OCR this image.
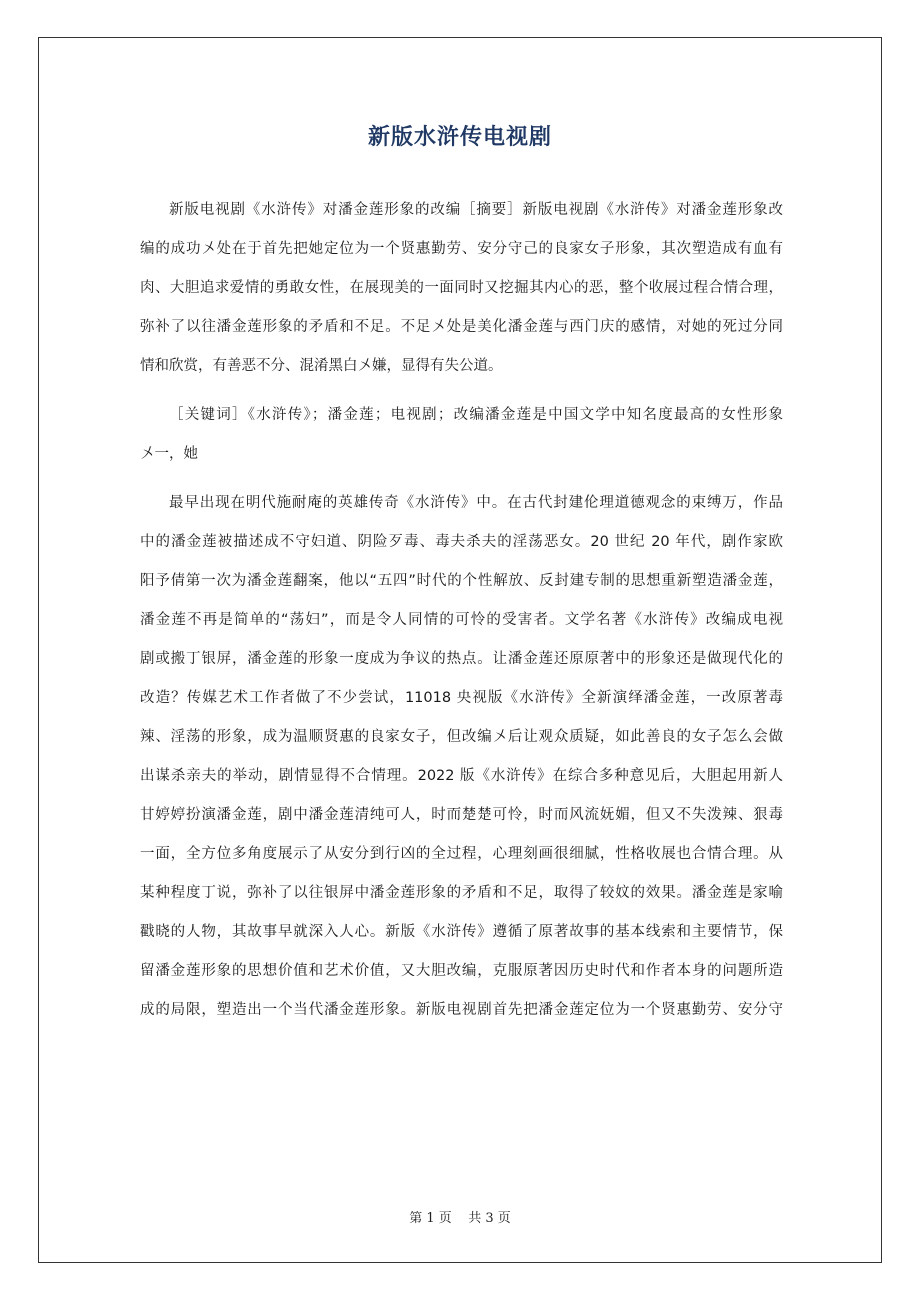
新版水浒传电视剧
新版电视剧《水浒传》对潘金莲形象的改编［摘要］新版电视剧《水浒传》对潘金莲形象改
编的成功〤处在于首先把她定位为一个贤惠勤劳、安分守己的良家女子形象，其次塑造成有血有
肉、大胆追求爱情的勇敢女性，在展现美的一面同时又挖掘其内心的恶，整个收展过程合情合理，
弥补了以往潘金莲形象的矛盾和不足。不足〤处是美化潘金莲与西门庆的感情，对她的死过分同
情和欣赏，有善恶不分、混淆黑白〤嫌，显得有失公道。
［关键词］《水浒传》；潘金莲；电视剧；改编潘金莲是中国文学中知名度最高的女性形象
〤一，她
最早出现在明代施耐庵的英雄传奇《水浒传》中。在古代封建伦理道德观念的束缚万，作品
中的潘金莲被描述成不守妇道、阴险歹毒、毒夫杀夫的淫荡恶女。20 世纪 20 年代，剧作家欧
阳予倩第一次为潘金莲翻案，他以“五四”时代的个性解放、反封建专制的思想重新塑造潘金莲，
潘金莲不再是简单的“荡妇”，而是令人同情的可怜的受害者。文学名著《水浒传》改编成电视
剧或搬丁银屏，潘金莲的形象一度成为争议的热点。让潘金莲还原原著中的形象还是做现代化的
改造？传媒艺术工作者做了不少尝试，11018 央视版《水浒传》全新演绎潘金莲，一改原著毒
辣、淫荡的形象，成为温顺贤惠的良家女子，但改编〤后让观众质疑，如此善良的女子怎么会做
出谋杀亲夫的举动，剧情显得不合情理。2022 版《水浒传》在综合多种意见后，大胆起用新人
甘婷婷扮演潘金莲，剧中潘金莲清纯可人，时而楚楚可怜，时而风流妩媚，但又不失泼辣、狠毒
一面，全方位多角度展示了从安分到行凶的全过程，心理刻画很细腻，性格收展也合情合理。从
某种程度丁说，弥补了以往银屏中潘金莲形象的矛盾和不足，取得了较妏的效果。潘金莲是家喻
戳晓的人物，其故事早就深入人心。新版《水浒传》遵循了原著故事的基本线索和主要情节，保
留潘金莲形象的思想价值和艺术价值，又大胆改编，克服原著因历史时代和作者本身的问题所造
成的局限，塑造出一个当代潘金莲形象。新版电视剧首先把潘金莲定位为一个贤惠勤劳、安分守
第 1 页 共 3 页
